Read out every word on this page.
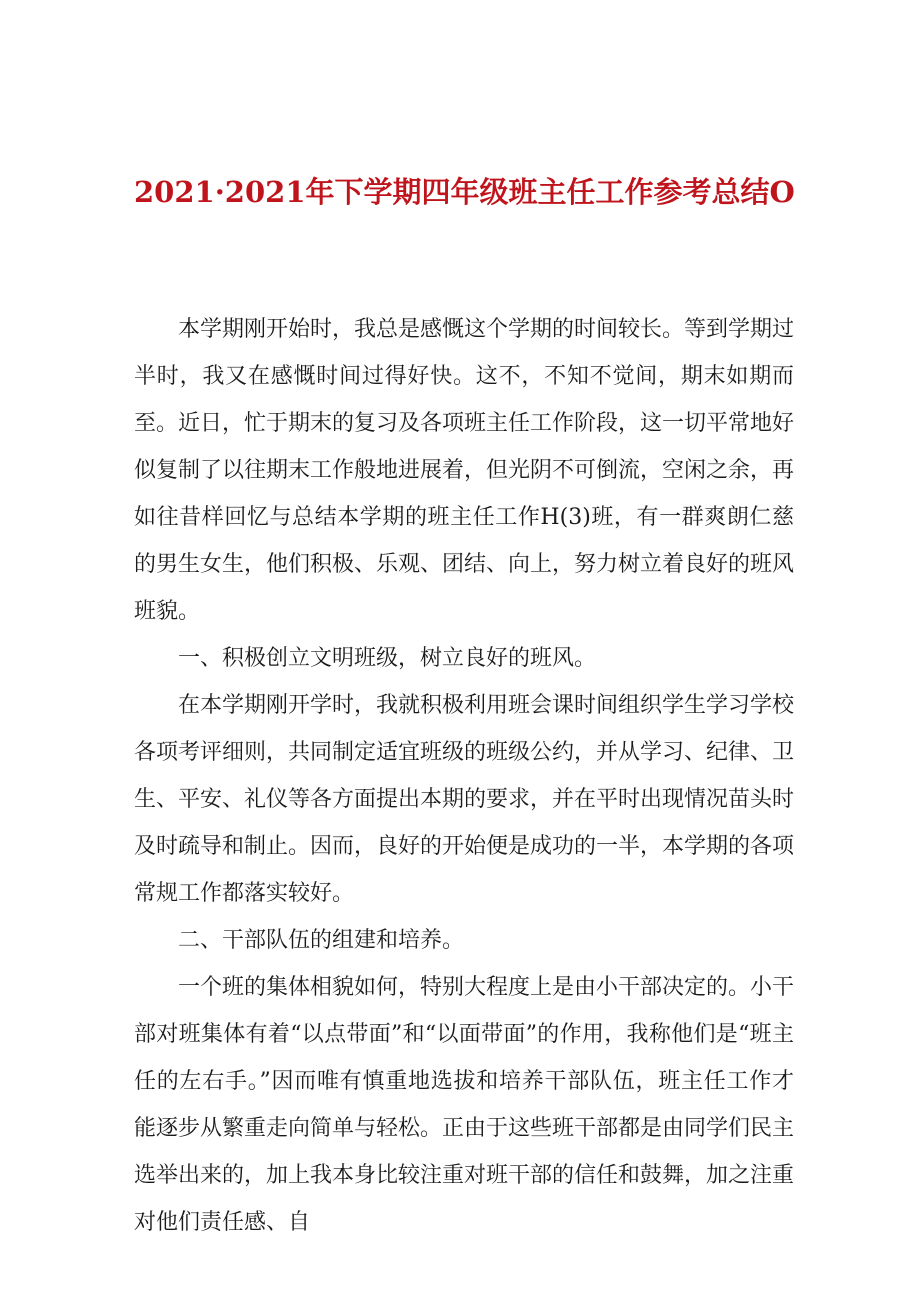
2021·2021年下学期四年级班主任工作参考总结O

本学期刚开始时，我总是感慨这个学期的时间较长。等到学期过半时，我又在感慨时间过得好快。这不，不知不觉间，期末如期而至。近日，忙于期末的复习及各项班主任工作阶段，这一切平常地好似复制了以往期末工作般地进展着，但光阴不可倒流，空闲之余，再如往昔样回忆与总结本学期的班主任工作H(3)班，有一群爽朗仁慈的男生女生，他们积极、乐观、团结、向上，努力树立着良好的班风班貌。

一、积极创立文明班级，树立良好的班风。

在本学期刚开学时，我就积极利用班会课时间组织学生学习学校各项考评细则，共同制定适宜班级的班级公约，并从学习、纪律、卫生、平安、礼仪等各方面提出本期的要求，并在平时出现情况苗头时及时疏导和制止。因而，良好的开始便是成功的一半，本学期的各项常规工作都落实较好。

二、干部队伍的组建和培养。

一个班的集体相貌如何，特别大程度上是由小干部决定的。小干部对班集体有着“以点带面”和“以面带面”的作用，我称他们是“班主任的左右手。”因而唯有慎重地选拔和培养干部队伍，班主任工作才能逐步从繁重走向简单与轻松。正由于这些班干部都是由同学们民主选举出来的，加上我本身比较注重对班干部的信任和鼓舞，加之注重对他们责任感、自
